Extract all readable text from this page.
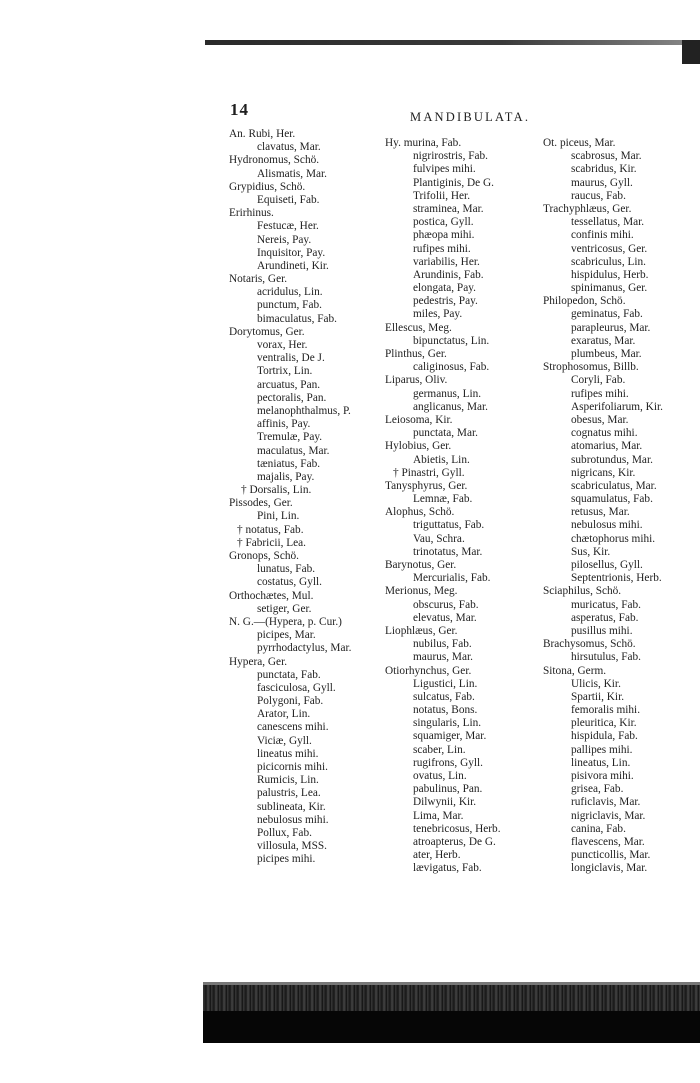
14	MANDIBULATA.
An. Rubi, Her.
clavatus, Mar.
Hydronomus, Schö.
Alismatis, Mar.
Grypidius, Schö.
Equiseti, Fab.
Erirhinus.
Festucæ, Her.
Nereis, Pay.
Inquisitor, Pay.
Arundineti, Kir.
Notaris, Ger.
acridulus, Lin.
punctum, Fab.
bimaculatus, Fab.
Dorytomus, Ger.
vorax, Her.
ventralis, De J.
Tortrix, Lin.
arcuatus, Pan.
pectoralis, Pan.
melanophthalmus, P.
affinis, Pay.
Tremulæ, Pay.
maculatus, Mar.
tæniatus, Fab.
majalis, Pay.
† Dorsalis, Lin.
Pissodes, Ger.
Pini, Lin.
† notatus, Fab.
† Fabricii, Lea.
Gronops, Schö.
lunatus, Fab.
costatus, Gyll.
Orthochætes, Mul.
setiger, Ger.
N. G.—(Hypera, p. Cur.)
picipes, Mar.
pyrrhodactylus, Mar.
Hypera, Ger.
punctata, Fab.
fasciculosa, Gyll.
Polygoni, Fab.
Arator, Lin.
canescens mihi.
Viciæ, Gyll.
lineatus mihi.
picicornis mihi.
Rumicis, Lin.
palustris, Lea.
sublineata, Kir.
nebulosus mihi.
Pollux, Fab.
villosula, MSS.
picipes mihi.
Hy. murina, Fab.
nigrirostris, Fab.
fulvipes mihi.
Plantiginis, De G.
Trifolii, Her.
straminea, Mar.
postica, Gyll.
phæopa mihi.
rufipes mihi.
variabilis, Her.
Arundinis, Fab.
elongata, Pay.
pedestris, Pay.
miles, Pay.
Ellescus, Meg.
bipunctatus, Lin.
Plinthus, Ger.
caliginosus, Fab.
Liparus, Oliv.
germanus, Lin.
anglicanus, Mar.
Leiosoma, Kir.
punctata, Mar.
Hylobius, Ger.
Abietis, Lin.
† Pinastri, Gyll.
Tanysphyrus, Ger.
Lemnæ, Fab.
Alophus, Schö.
triguttatus, Fab.
Vau, Schra.
trinotatus, Mar.
Barynotus, Ger.
Mercurialis, Fab.
Merionus, Meg.
obscurus, Fab.
elevatus, Mar.
Liophlæus, Ger.
nubilus, Fab.
maurus, Mar.
Otiorhynchus, Ger.
Ligustici, Lin.
sulcatus, Fab.
notatus, Bons.
singularis, Lin.
squamiger, Mar.
scaber, Lin.
rugifrons, Gyll.
ovatus, Lin.
pabulinus, Pan.
Dilwynii, Kir.
Lima, Mar.
tenebricosus, Herb.
atroapterus, De G.
ater, Herb.
lævigatus, Fab.
Ot. piceus, Mar.
scabrosus, Mar.
scabridus, Kir.
maurus, Gyll.
raucus, Fab.
Trachyphlæus, Ger.
tessellatus, Mar.
confinis mihi.
ventricosus, Ger.
scabriculus, Lin.
hispidulus, Herb.
spinimanus, Ger.
Philopedon, Schö.
geminatus, Fab.
parapleurus, Mar.
exaratus, Mar.
plumbeus, Mar.
Strophosomus, Billb.
Coryli, Fab.
rufipes mihi.
Asperifoliarum, Kir.
obesus, Mar.
cognatus mihi.
atomarius, Mar.
subrotundus, Mar.
nigricans, Kir.
scabriculatus, Mar.
squamulatus, Fab.
retusus, Mar.
nebulosus mihi.
chætophorus mihi.
Sus, Kir.
pilosellus, Gyll.
Septentrionis, Herb.
Sciaphilus, Schö.
muricatus, Fab.
asperatus, Fab.
pusillus mihi.
Brachysomus, Schö.
hirsutulus, Fab.
Sitona, Germ.
Ulicis, Kir.
Spartii, Kir.
femoralis mihi.
pleuritica, Kir.
hispidula, Fab.
pallipes mihi.
lineatus, Lin.
pisivora mihi.
grisea, Fab.
ruficlavis, Mar.
nigriclavis, Mar.
canina, Fab.
flavescens, Mar.
puncticollis, Mar.
longiclavis, Mar.
